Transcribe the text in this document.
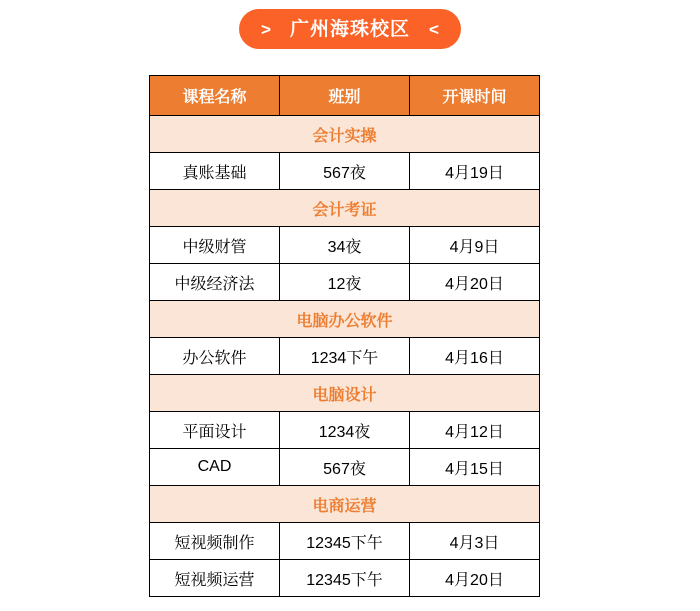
> 广州海珠校区 <
课程名称	班别	开课时间
会计实操		
真账基础	567夜	4月19日
会计考证		
中级财管	34夜	4月9日
中级经济法	12夜	4月20日
电脑办公软件		
办公软件	1234下午	4月16日
电脑设计		
平面设计	1234夜	4月12日
CAD	567夜	4月15日
电商运营		
短视频制作	12345下午	4月3日
短视频运营	12345下午	4月20日
